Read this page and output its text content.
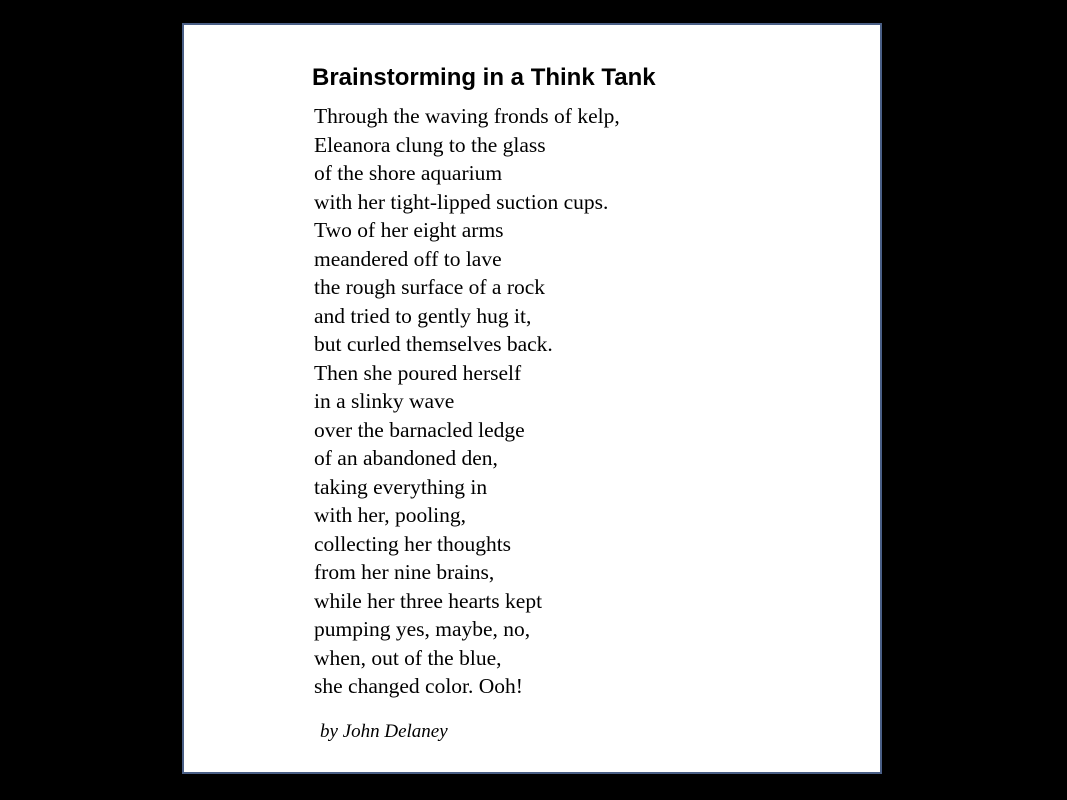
Brainstorming in a Think Tank
Through the waving fronds of kelp,
Eleanora clung to the glass
of the shore aquarium
with her tight-lipped suction cups.
Two of her eight arms
meandered off to lave
the rough surface of a rock
and tried to gently hug it,
but curled themselves back.
Then she poured herself
in a slinky wave
over the barnacled ledge
of an abandoned den,
taking everything in
with her, pooling,
collecting her thoughts
from her nine brains,
while her three hearts kept
pumping yes, maybe, no,
when, out of the blue,
she changed color. Ooh!

by John Delaney
